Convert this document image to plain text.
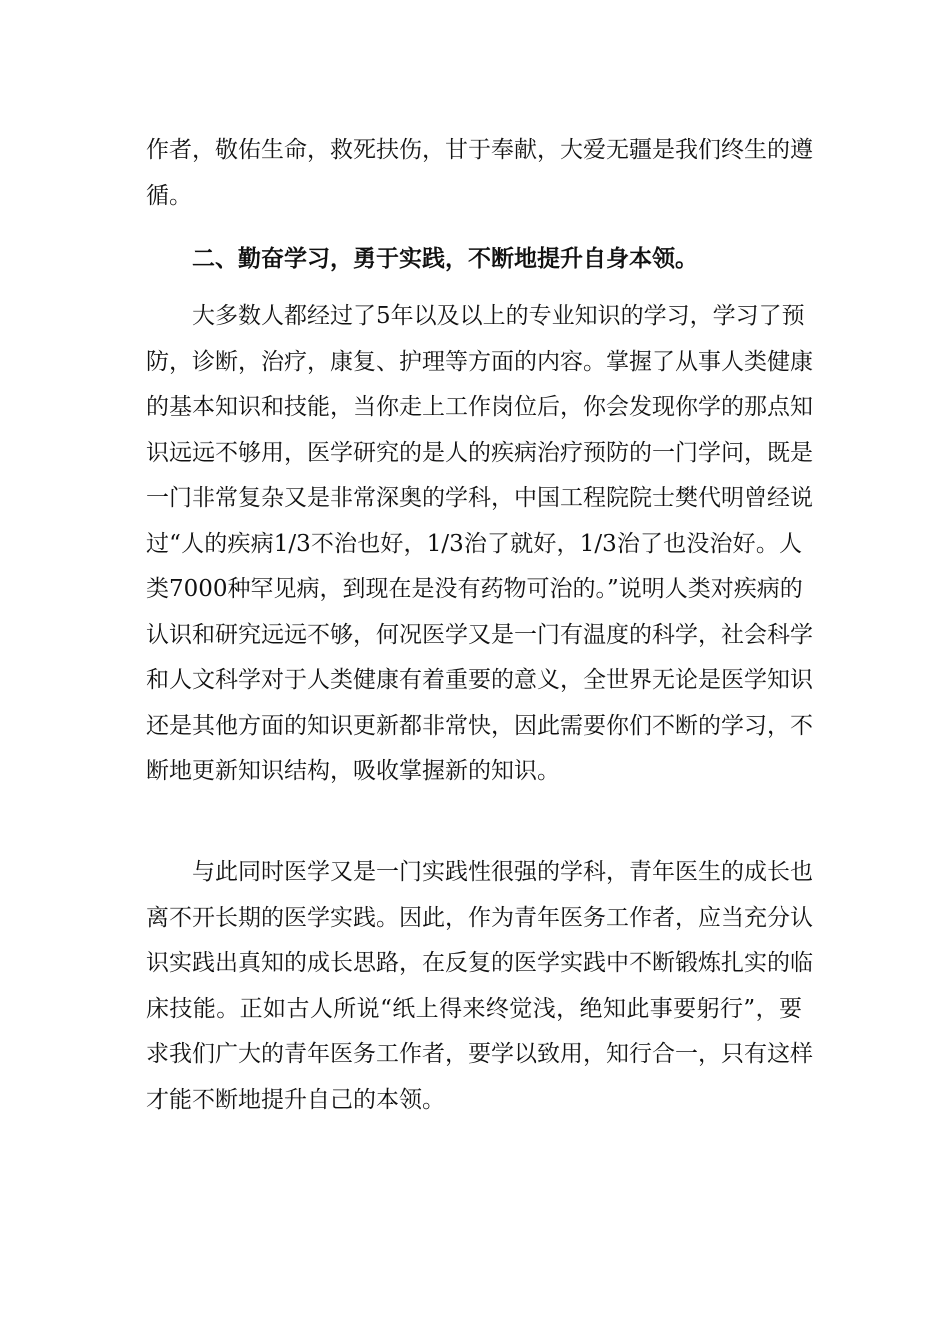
作者，敬佑生命，救死扶伤，甘于奉献，大爱无疆是我们终生的遵
循。
二、勤奋学习，勇于实践，不断地提升自身本领。
大多数人都经过了5年以及以上的专业知识的学习，学习了预
防，诊断，治疗，康复、护理等方面的内容。掌握了从事人类健康
的基本知识和技能，当你走上工作岗位后，你会发现你学的那点知
识远远不够用，医学研究的是人的疾病治疗预防的一门学问，既是
一门非常复杂又是非常深奥的学科，中国工程院院士樊代明曾经说
过“人的疾病1/3不治也好，1/3治了就好，1/3治了也没治好。人
类7000种罕见病，到现在是没有药物可治的。”说明人类对疾病的
认识和研究远远不够，何况医学又是一门有温度的科学，社会科学
和人文科学对于人类健康有着重要的意义，全世界无论是医学知识
还是其他方面的知识更新都非常快，因此需要你们不断的学习，不
断地更新知识结构，吸收掌握新的知识。
与此同时医学又是一门实践性很强的学科，青年医生的成长也
离不开长期的医学实践。因此，作为青年医务工作者，应当充分认
识实践出真知的成长思路，在反复的医学实践中不断锻炼扎实的临
床技能。正如古人所说“纸上得来终觉浅，绝知此事要躬行”，要
求我们广大的青年医务工作者，要学以致用，知行合一，只有这样
才能不断地提升自己的本领。
